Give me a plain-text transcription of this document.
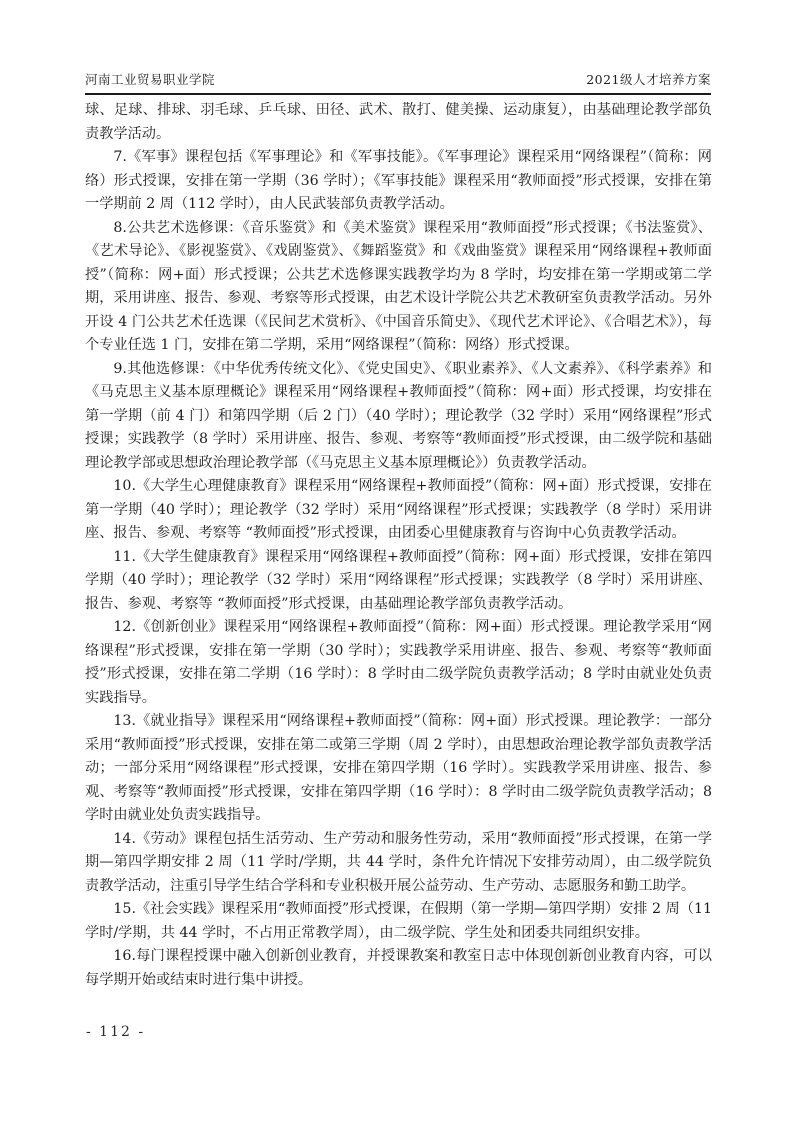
河南工业贸易职业学院	2021级人才培养方案

球、足球、排球、羽毛球、乒乓球、田径、武术、散打、健美操、运动康复），由基础理论教学部负责教学活动。

7.《军事》课程包括《军事理论》和《军事技能》。《军事理论》课程采用“网络课程”（简称：网络）形式授课，安排在第一学期（36 学时）；《军事技能》课程采用“教师面授”形式授课，安排在第一学期前 2 周（112 学时），由人民武装部负责教学活动。

8.公共艺术选修课：《音乐鉴赏》和《美术鉴赏》课程采用“教师面授”形式授课；《书法鉴赏》、《艺术导论》、《影视鉴赏》、《戏剧鉴赏》、《舞蹈鉴赏》和《戏曲鉴赏》课程采用“网络课程+教师面授”（简称：网+面）形式授课；公共艺术选修课实践教学均为 8 学时，均安排在第一学期或第二学期，采用讲座、报告、参观、考察等形式授课，由艺术设计学院公共艺术教研室负责教学活动。另外开设 4 门公共艺术任选课（《民间艺术赏析》、《中国音乐简史》、《现代艺术评论》、《合唱艺术》），每个专业任选 1 门，安排在第二学期，采用“网络课程”（简称：网络）形式授课。

9.其他选修课：《中华优秀传统文化》、《党史国史》、《职业素养》、《人文素养》、《科学素养》和《马克思主义基本原理概论》课程采用“网络课程+教师面授”（简称：网+面）形式授课，均安排在第一学期（前 4 门）和第四学期（后 2 门）（40 学时）；理论教学（32 学时）采用“网络课程”形式授课；实践教学（8 学时）采用讲座、报告、参观、考察等“教师面授”形式授课，由二级学院和基础理论教学部或思想政治理论教学部（《马克思主义基本原理概论》）负责教学活动。

10.《大学生心理健康教育》课程采用“网络课程+教师面授”（简称：网+面）形式授课，安排在第一学期（40 学时）；理论教学（32 学时）采用“网络课程”形式授课；实践教学（8 学时）采用讲座、报告、参观、考察等 “教师面授”形式授课，由团委心里健康教育与咨询中心负责教学活动。

11.《大学生健康教育》课程采用“网络课程+教师面授”（简称：网+面）形式授课，安排在第四学期（40 学时）；理论教学（32 学时）采用“网络课程”形式授课；实践教学（8 学时）采用讲座、报告、参观、考察等 “教师面授”形式授课，由基础理论教学部负责教学活动。

12.《创新创业》课程采用“网络课程+教师面授”（简称：网+面）形式授课。理论教学采用“网络课程”形式授课，安排在第一学期（30 学时）；实践教学采用讲座、报告、参观、考察等“教师面授”形式授课，安排在第二学期（16 学时）：8 学时由二级学院负责教学活动；8 学时由就业处负责实践指导。

13.《就业指导》课程采用“网络课程+教师面授”（简称：网+面）形式授课。理论教学：一部分采用“教师面授”形式授课，安排在第二或第三学期（周 2 学时），由思想政治理论教学部负责教学活动；一部分采用“网络课程”形式授课，安排在第四学期（16 学时）。实践教学采用讲座、报告、参观、考察等“教师面授”形式授课，安排在第四学期（16 学时）：8 学时由二级学院负责教学活动；8 学时由就业处负责实践指导。

14.《劳动》课程包括生活劳动、生产劳动和服务性劳动，采用“教师面授”形式授课，在第一学期—第四学期安排 2 周（11 学时/学期，共 44 学时，条件允许情况下安排劳动周），由二级学院负责教学活动，注重引导学生结合学科和专业积极开展公益劳动、生产劳动、志愿服务和勤工助学。

15.《社会实践》课程采用“教师面授”形式授课，在假期（第一学期—第四学期）安排 2 周（11 学时/学期，共 44 学时，不占用正常教学周），由二级学院、学生处和团委共同组织安排。

16.每门课程授课中融入创新创业教育，并授课教案和教室日志中体现创新创业教育内容，可以每学期开始或结束时进行集中讲授。

- 112 -
